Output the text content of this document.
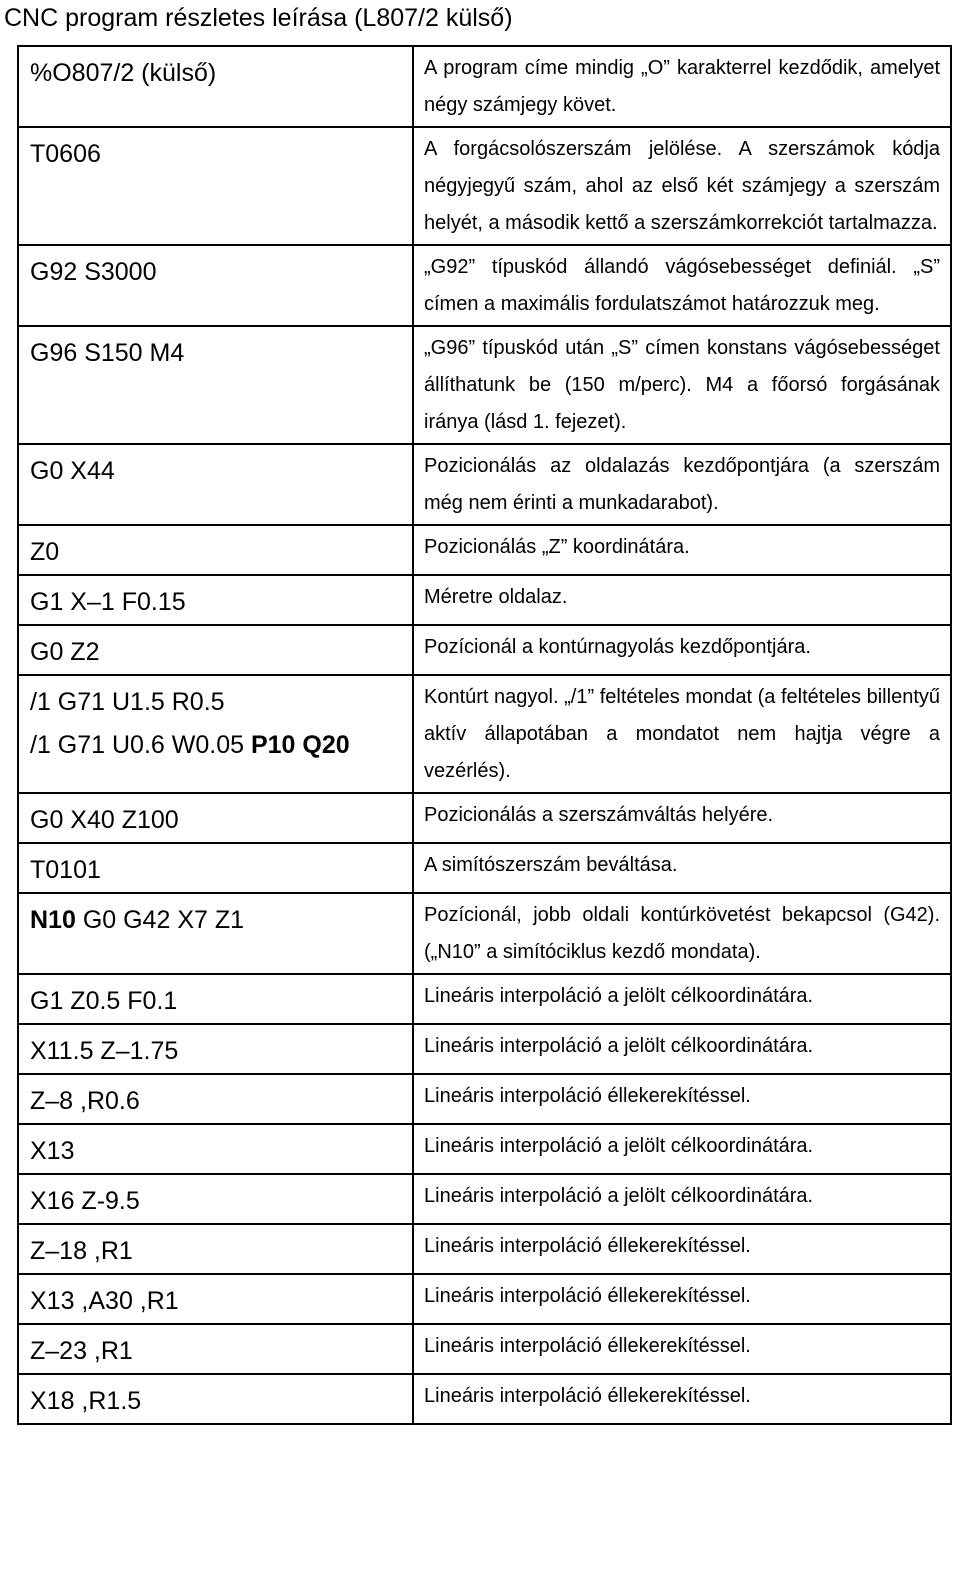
CNC program részletes leírása (L807/2 külső)
%O807/2 (külső)	A program címe mindig „O” karakterrel kezdődik, amelyet négy számjegy követ.

T0606	A forgácsolószerszám jelölése. A szerszámok kódja négyjegyű szám, ahol az első két számjegy a szerszám helyét, a második kettő a szerszámkorrekciót tartalmazza.

G92 S3000	„G92” típuskód állandó vágósebességet definiál. „S” címen a maximális fordulatszámot határozzuk meg.

G96 S150 M4	„G96” típuskód után „S” címen konstans vágósebességet állíthatunk be (150 m/perc). M4 a főorsó forgásának iránya (lásd 1. fejezet).

G0 X44	Pozicionálás az oldalazás kezdőpontjára (a szerszám még nem érinti a munkadarabot).

Z0	Pozicionálás „Z” koordinátára.

G1 X–1 F0.15	Méretre oldalaz.

G0 Z2	Pozícionál a kontúrnagyolás kezdőpontjára.

/1 G71 U1.5 R0.5
/1 G71 U0.6 W0.05 P10 Q20	Kontúrt nagyol. „/1” feltételes mondat (a feltételes billentyű aktív állapotában a mondatot nem hajtja végre a vezérlés).

G0 X40 Z100	Pozicionálás a szerszámváltás helyére.

T0101	A simítószerszám beváltása.

N10 G0 G42 X7 Z1	Pozícionál, jobb oldali kontúrkövetést bekapcsol (G42). („N10” a simítóciklus kezdő mondata).

G1 Z0.5 F0.1	Lineáris interpoláció a jelölt célkoordinátára.

X11.5 Z–1.75	Lineáris interpoláció a jelölt célkoordinátára.

Z–8 ,R0.6	Lineáris interpoláció éllekerekítéssel.

X13	Lineáris interpoláció a jelölt célkoordinátára.

X16 Z-9.5	Lineáris interpoláció a jelölt célkoordinátára.

Z–18 ,R1	Lineáris interpoláció éllekerekítéssel.

X13 ,A30 ,R1	Lineáris interpoláció éllekerekítéssel.

Z–23 ,R1	Lineáris interpoláció éllekerekítéssel.

X18 ,R1.5	Lineáris interpoláció éllekerekítéssel.
